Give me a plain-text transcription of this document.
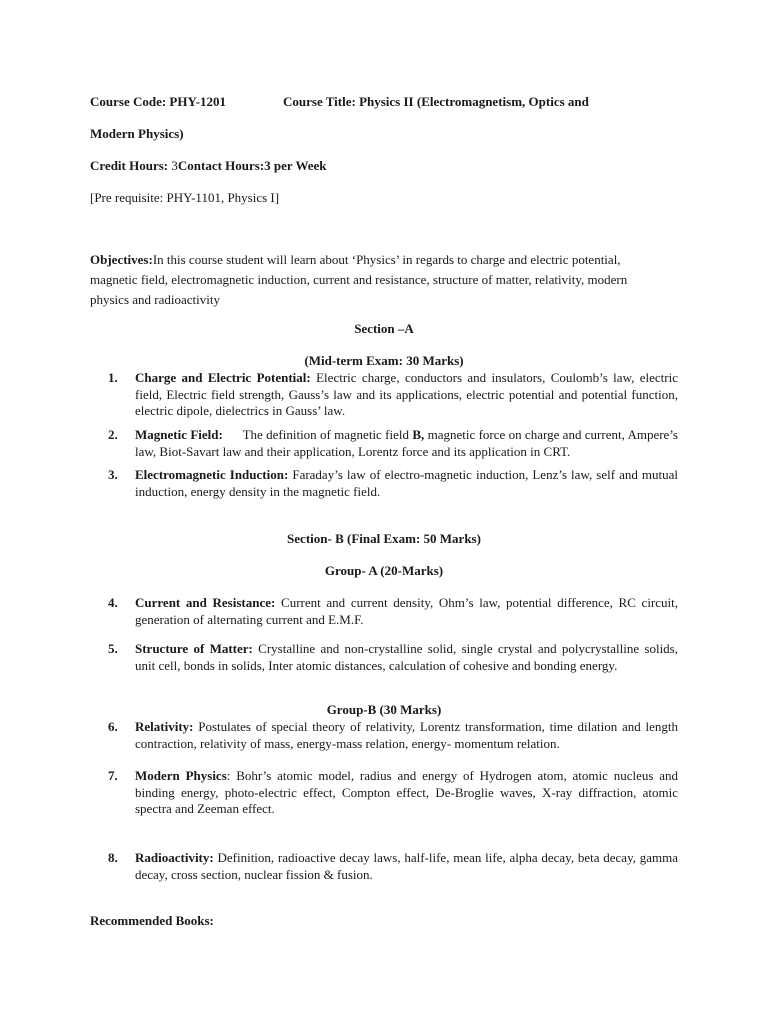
Course Code: PHY-1201	Course Title: Physics II (Electromagnetism, Optics and
Modern Physics)
Credit Hours: 3Contact Hours:3 per Week
[Pre requisite: PHY-1101, Physics I]
Objectives:In this course student will learn about ‘Physics’ in regards to charge and electric potential, magnetic field, electromagnetic induction, current and resistance, structure of matter, relativity, modern physics and radioactivity
Section –A
(Mid-term Exam: 30 Marks)
1.	Charge and Electric Potential: Electric charge, conductors and insulators, Coulomb’s law, electric field, Electric field strength, Gauss’s law and its applications, electric potential and potential function, electric dipole, dielectrics in Gauss’ law.
2.	Magnetic Field:      The definition of magnetic field B, magnetic force on charge and current, Ampere’s law, Biot-Savart law and their application, Lorentz force and its application in CRT.
3.	Electromagnetic Induction: Faraday’s law of electro-magnetic induction, Lenz’s law, self and mutual induction, energy density in the magnetic field.
Section- B (Final Exam: 50 Marks)
Group- A (20-Marks)
4.	Current and Resistance: Current and current density, Ohm’s law, potential difference, RC circuit, generation of alternating current and E.M.F.
5.	Structure of Matter: Crystalline and non-crystalline solid, single crystal and polycrystalline solids, unit cell, bonds in solids, Inter atomic distances, calculation of cohesive and bonding energy.
Group-B (30 Marks)
6.	Relativity: Postulates of special theory of relativity, Lorentz transformation, time dilation and length contraction, relativity of mass, energy-mass relation, energy- momentum relation.
7.	Modern Physics: Bohr’s atomic model, radius and energy of Hydrogen atom, atomic nucleus and binding energy, photo-electric effect, Compton effect, De-Broglie waves, X-ray diffraction, atomic spectra and Zeeman effect.
8.	Radioactivity: Definition, radioactive decay laws, half-life, mean life, alpha decay, beta decay, gamma decay, cross section, nuclear fission & fusion.
Recommended Books:
